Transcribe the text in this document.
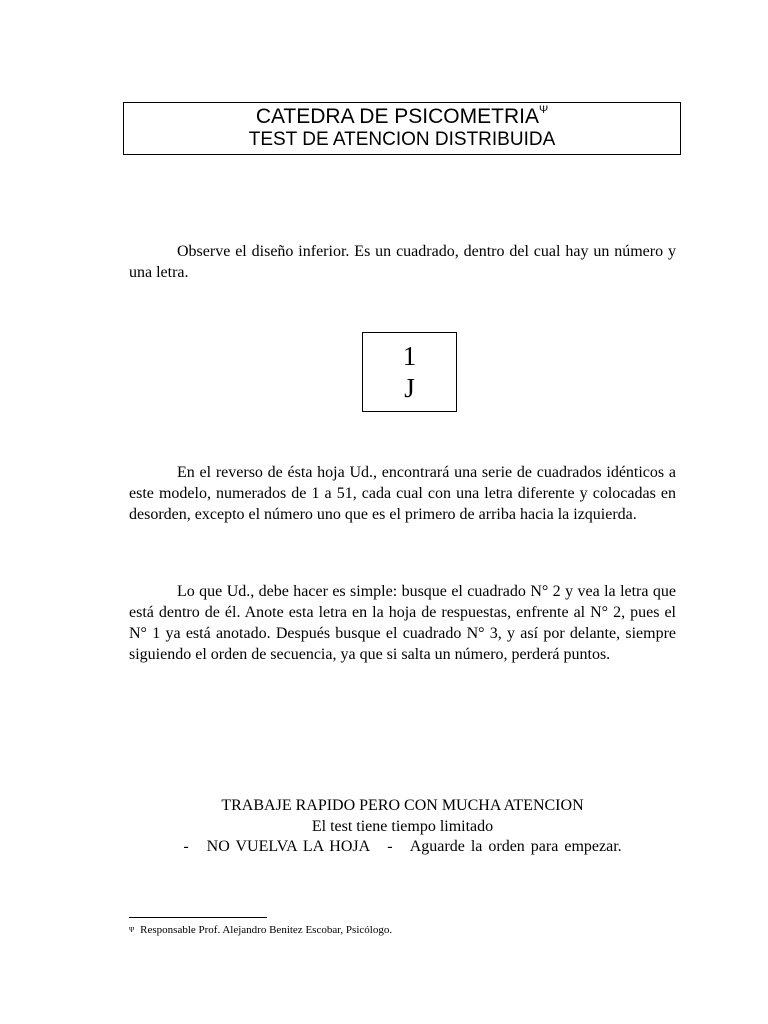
CATEDRA DE $PSICOMETRIA^\Psi$
TEST DE ATENCION DISTRIBUIDA

Observe el diseño inferior. Es un cuadrado, dentro del cual hay un número y una letra.

1
J

En el reverso de ésta hoja Ud., encontrará una serie de cuadrados idénticos a este modelo, numerados de 1 a 51, cada cual con una letra diferente y colocadas en desorden, excepto el número uno que es el primero de arriba hacia la izquierda.

Lo que Ud., debe hacer es simple: busque el cuadrado N° 2 y vea la letra que está dentro de él. Anote esta letra en la hoja de respuestas, enfrente al N° 2, pues el N° 1 ya está anotado. Después busque el cuadrado N° 3, y así por delante, siempre siguiendo el orden de secuencia, ya que si salta un número, perderá puntos.

TRABAJE RAPIDO PERO CON MUCHA ATENCION
El test tiene tiempo limitado
-   NO VUELVA LA HOJA   -   Aguarde la orden para empezar.
$^\Psi$ Responsable Prof. Alejandro Benitez Escobar, Psicólogo.
